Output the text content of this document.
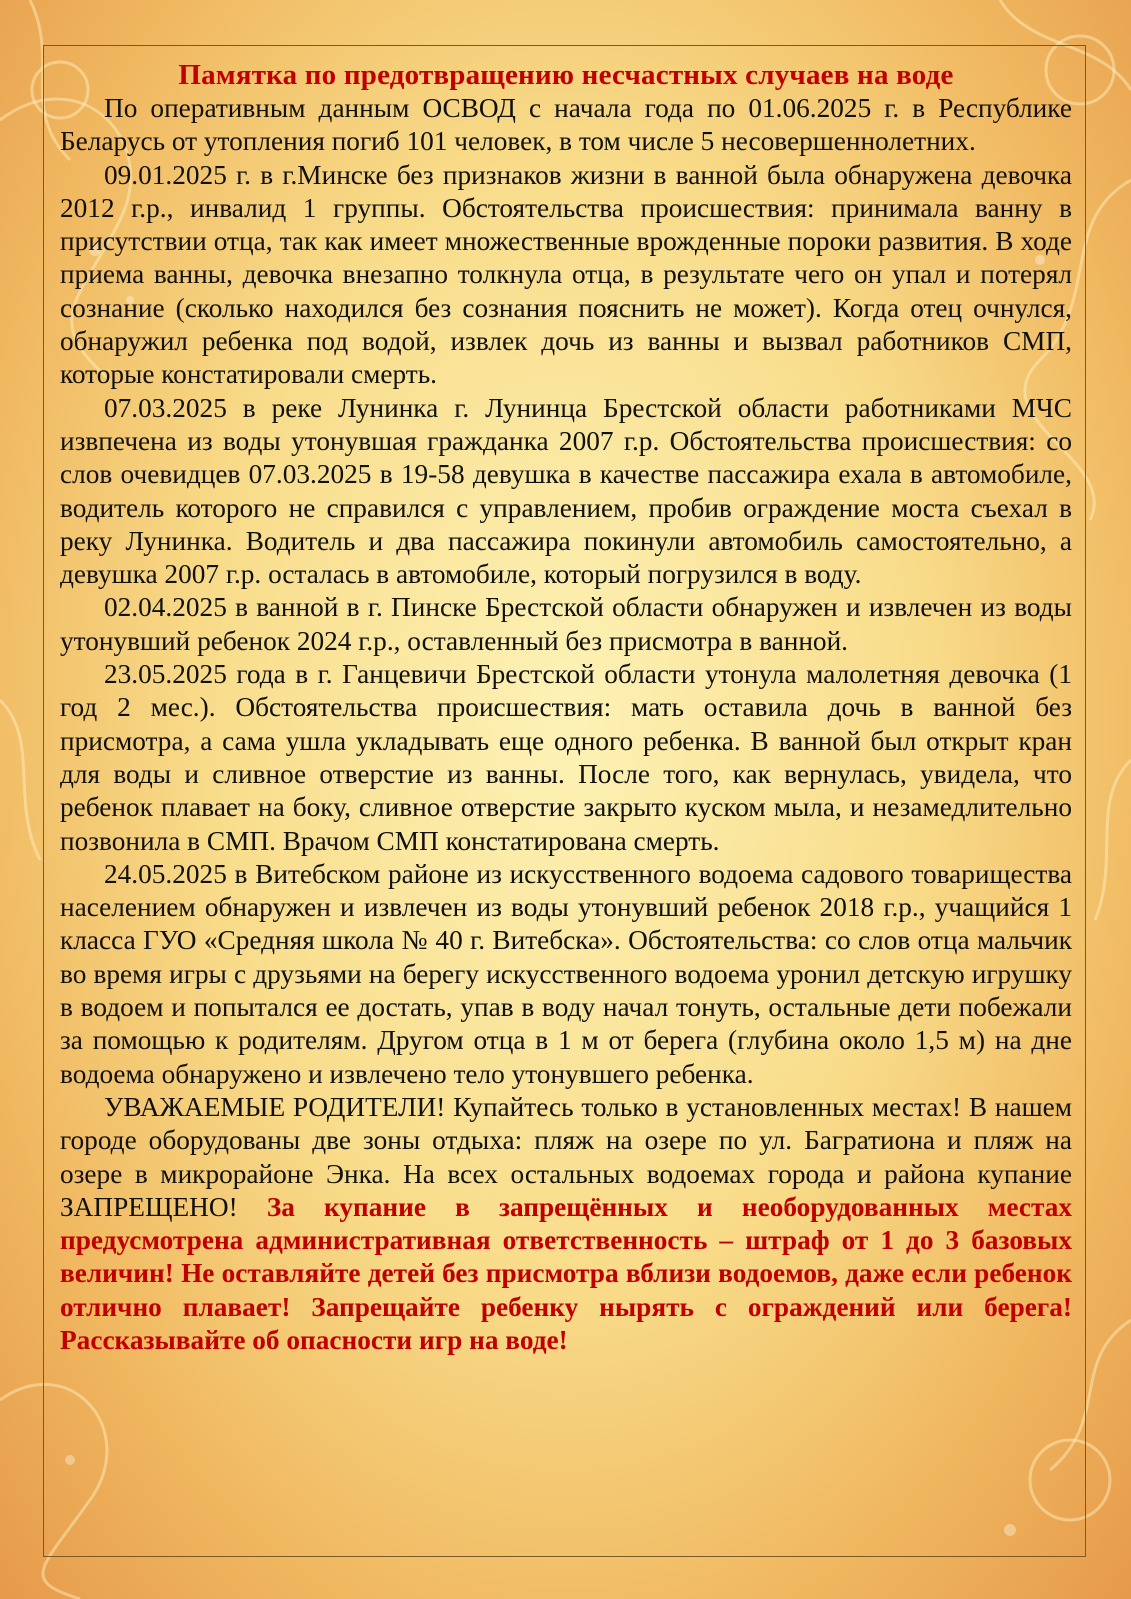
Памятка по предотвращению несчастных случаев на воде

По оперативным данным ОСВОД с начала года по 01.06.2025 г. в Республике Беларусь от утопления погиб 101 человек, в том числе 5 несовершеннолетних.

09.01.2025 г. в г.Минске без признаков жизни в ванной была обнаружена девочка 2012 г.р., инвалид 1 группы. Обстоятельства происшествия: принимала ванну в присутствии отца, так как имеет множественные врожденные пороки развития. В ходе приема ванны, девочка внезапно толкнула отца, в результате чего он упал и потерял сознание (сколько находился без сознания пояснить не может). Когда отец очнулся, обнаружил ребенка под водой, извлек дочь из ванны и вызвал работников СМП, которые констатировали смерть.

07.03.2025 в реке Лунинка г. Лунинца Брестской области работниками МЧС извпечена из воды утонувшая гражданка 2007 г.р. Обстоятельства происшествия: со слов очевидцев 07.03.2025 в 19-58 девушка в качестве пассажира ехала в автомобиле, водитель которого не справился с управлением, пробив ограждение моста съехал в реку Лунинка. Водитель и два пассажира покинули автомобиль самостоятельно, а девушка 2007 г.р. осталась в автомобиле, который погрузился в воду.

02.04.2025 в ванной в г. Пинске Брестской области обнаружен и извлечен из воды утонувший ребенок 2024 г.р., оставленный без присмотра в ванной.

23.05.2025 года в г. Ганцевичи Брестской области утонула малолетняя девочка (1 год 2 мес.). Обстоятельства происшествия: мать оставила дочь в ванной без присмотра, а сама ушла укладывать еще одного ребенка. В ванной был открыт кран для воды и сливное отверстие из ванны. После того, как вернулась, увидела, что ребенок плавает на боку, сливное отверстие закрыто куском мыла, и незамедлительно позвонила в СМП. Врачом СМП констатирована смерть.

24.05.2025 в Витебском районе из искусственного водоема садового товарищества населением обнаружен и извлечен из воды утонувший ребенок 2018 г.р., учащийся 1 класса ГУО «Средняя школа № 40 г. Витебска». Обстоятельства: со слов отца мальчик во время игры с друзьями на берегу искусственного водоема уронил детскую игрушку в водоем и попытался ее достать, упав в воду начал тонуть, остальные дети побежали за помощью к родителям. Другом отца в 1 м от берега (глубина около 1,5 м) на дне водоема обнаружено и извлечено тело утонувшего ребенка.

УВАЖАЕМЫЕ РОДИТЕЛИ! Купайтесь только в установленных местах! В нашем городе оборудованы две зоны отдыха: пляж на озере по ул. Багратиона и пляж на озере в микрорайоне Энка. На всех остальных водоемах города и района купание ЗАПРЕЩЕНО! За купание в запрещённых и необорудованных местах предусмотрена административная ответственность – штраф от 1 до 3 базовых величин! Не оставляйте детей без присмотра вблизи водоемов, даже если ребенок отлично плавает! Запрещайте ребенку нырять с ограждений или берега! Рассказывайте об опасности игр на воде!
